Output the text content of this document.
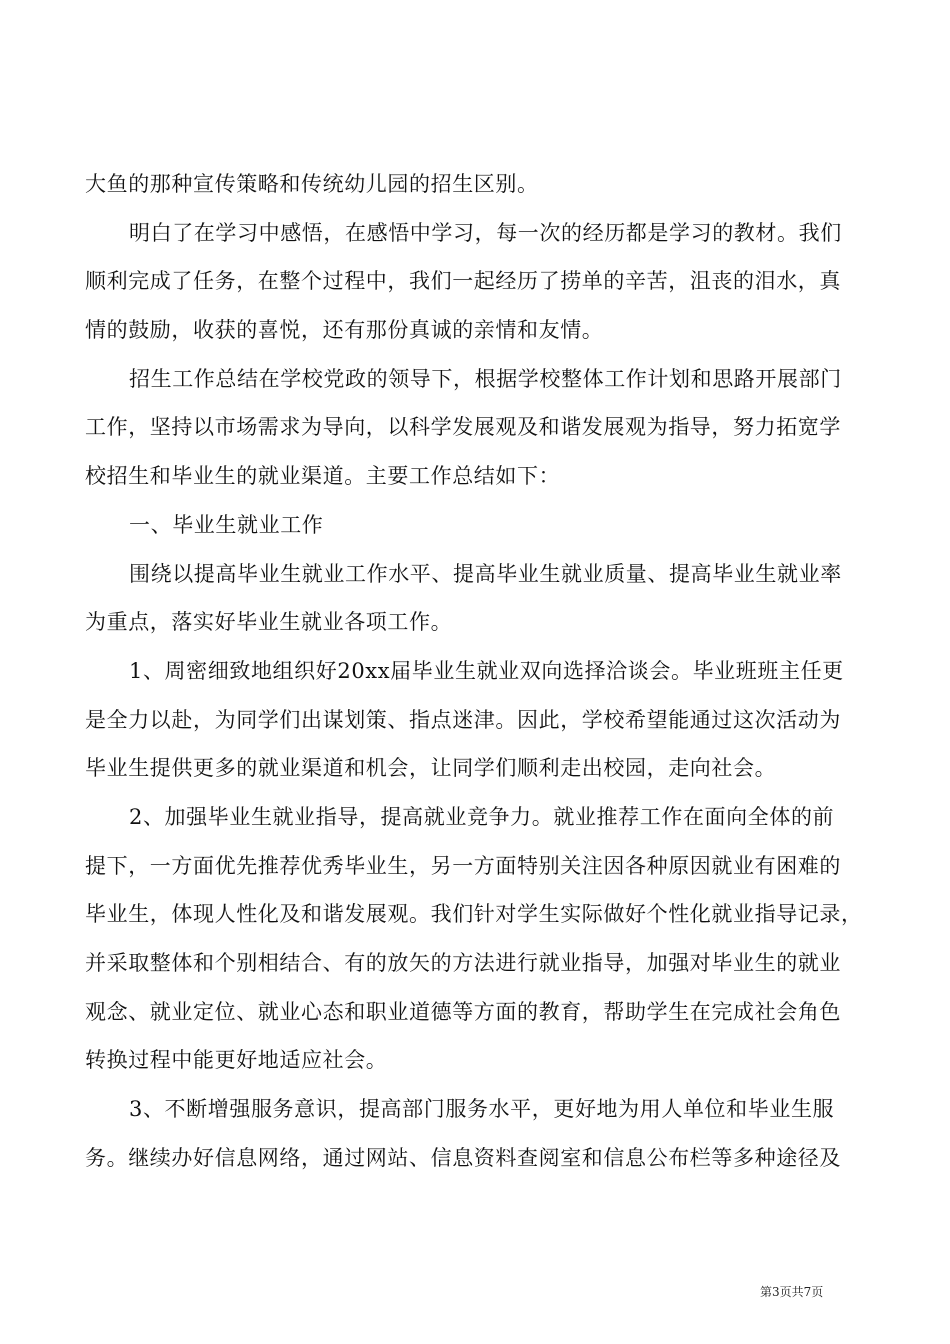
大鱼的那种宣传策略和传统幼儿园的招生区别。
明白了在学习中感悟，在感悟中学习，每一次的经历都是学习的教材。我们
顺利完成了任务，在整个过程中，我们一起经历了捞单的辛苦，沮丧的泪水，真
情的鼓励，收获的喜悦，还有那份真诚的亲情和友情。
招生工作总结在学校党政的领导下，根据学校整体工作计划和思路开展部门
工作，坚持以市场需求为导向，以科学发展观及和谐发展观为指导，努力拓宽学
校招生和毕业生的就业渠道。主要工作总结如下：
一、毕业生就业工作
围绕以提高毕业生就业工作水平、提高毕业生就业质量、提高毕业生就业率
为重点，落实好毕业生就业各项工作。
1、周密细致地组织好20xx届毕业生就业双向选择洽谈会。毕业班班主任更
是全力以赴，为同学们出谋划策、指点迷津。因此，学校希望能通过这次活动为
毕业生提供更多的就业渠道和机会，让同学们顺利走出校园，走向社会。
2、加强毕业生就业指导，提高就业竞争力。就业推荐工作在面向全体的前
提下，一方面优先推荐优秀毕业生，另一方面特别关注因各种原因就业有困难的
毕业生，体现人性化及和谐发展观。我们针对学生实际做好个性化就业指导记录，
并采取整体和个别相结合、有的放矢的方法进行就业指导，加强对毕业生的就业
观念、就业定位、就业心态和职业道德等方面的教育，帮助学生在完成社会角色
转换过程中能更好地适应社会。
3、不断增强服务意识，提高部门服务水平，更好地为用人单位和毕业生服
务。继续办好信息网络，通过网站、信息资料查阅室和信息公布栏等多种途径及
第3页共7页
